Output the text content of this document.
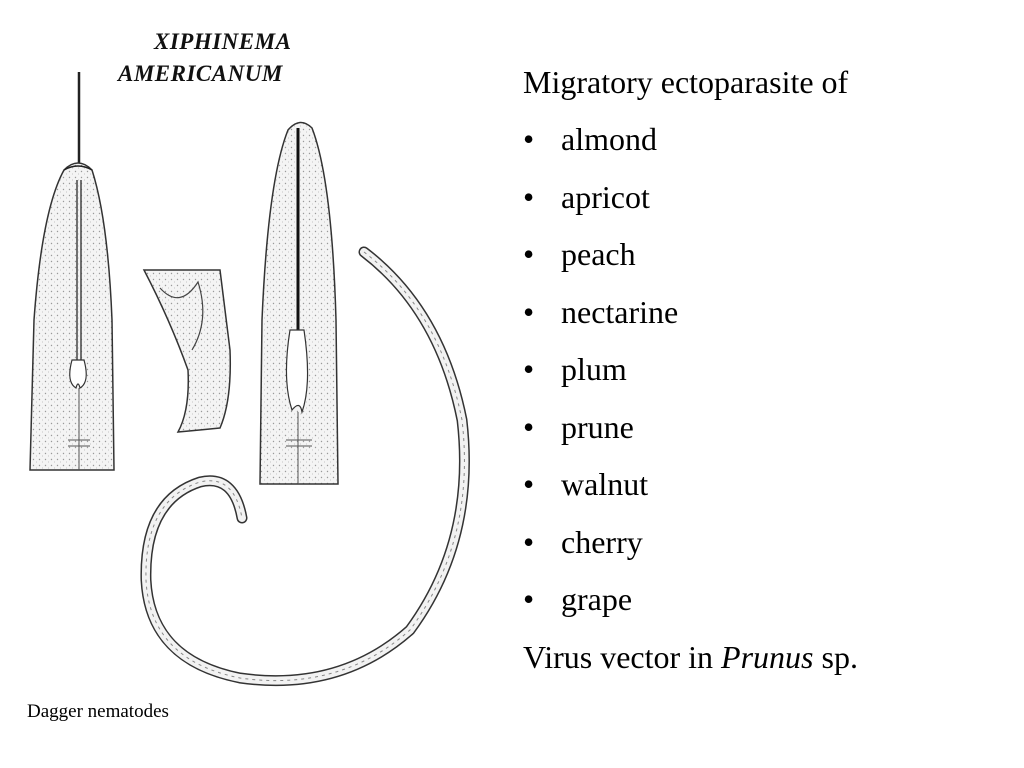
XIPHINEMA
AMERICANUM	Migratory ectoparasite of
• almond
• apricot
• peach
• nectarine
• plum
• prune
• walnut
• cherry
• grape
Virus vector in Prunus sp.
Dagger nematodes
